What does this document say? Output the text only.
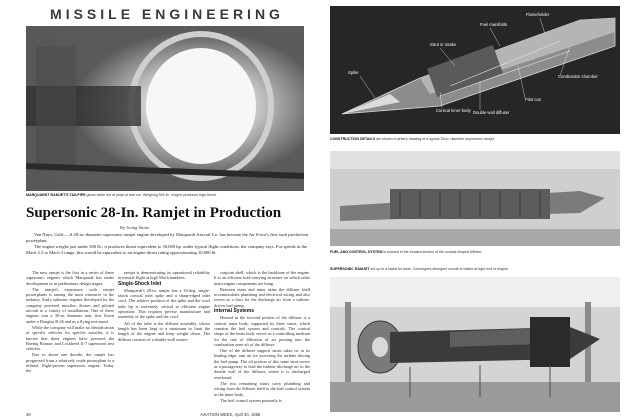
MISSILE ENGINEERING
MARQUARDT RAMJET'S TAILPIPE glows white hot at peak of test run. Weighing 500 lb., engine produces high thrust.
Supersonic 28-In. Ramjet in Production
By Irving Stone

Van Nuys, Calif.—A 28-in.-diameter supersonic ramjet engine developed by Marquardt Aircraft Co. has become the Air Force's first such production powerplant.

The engine weighs just under 500 lb.; it produces thrust equivalent to 50,000 hp. under typical flight conditions, the company says. For speeds in the Mach 2.5 to Mach 3 range, this would be equivalent to an engine thrust rating approximating 10,000 lb.

The new ramjet is the first in a series of these supersonic engines which Marquardt has under development or in preliminary design stages.

The ramjet's experience with ramjet powerplants is among the most extensive in the industry. Early subsonic engines developed by the company powered missiles, drones and piloted aircraft in a variety of installations. One of these engines was a 30-in. diameter unit, first flown under a Douglas B-26 and as a flying test-stand.

While the company will make no identification of specific vehicles for specific missiles, it is known that these engines have powered the Boeing Bomarc and Lockheed X-7 supersonic test vehicles.

Due to about one decade, the ramjet has progressed from a relatively crude powerplant to a refined, flight-proven supersonic engine. Today the

ramjet is demonstrating its operational reliability in missile flight at high Mach numbers.

Single-Shock Inlet

Marquardt's 28-in. ramjet has a 16-deg. single-shock conical inlet spike and a sharp-edged inlet cowl. The relative position of the spike and the cowl inlet lip is extremely critical to efficient engine operation. This requires precise manufacture and assembly of the spike and the cowl.

Aft of the inlet is the diffuser assembly, whose length has been kept to a minimum to limit the length of the engine and keep weight down. The diffuser consists of a double-wall assem-

conjoint shell, which is the backbone of the engine. It is an efficient load-carrying structure on which other main engine components are hung.

Between outer and inner skins the diffuser shell accommodates plumbing and electrical wiring and also serves as a duct for the discharge air from a turbine-driven fuel pump.

Internal Systems

Housed in the forward portion of the diffuser is a conical inner body, supported by three struts, which contains the fuel system and controls. The conical shape of the inner body serves as a controlling medium for the rate of diffusion of air passing into the combustion zone aft of the diffuser.

One of the diffuser support struts takes in, at its leading edge, ram air for powering the turbine driving the fuel pump. The aft portion of this same strut serves as a passageway to lead the turbine discharge air to the double wall of the diffuser, where it is discharged overboard.

The two remaining struts carry plumbing and wiring from the diffuser shell to the fuel control system in the inner body.

The fuel control system primarily is

48	AVIATION WEEK, April 30, 1956
Flameholder
Fuel manifolds
Strut or intake
Spike
Combustion chamber
Conical inner body Double wall diffuser
Pilot can
CONSTRUCTION DETAILS are shown in artist's drawing of a typical 28-in. diameter supersonic ramjet.
FUEL AND CONTROL SYSTEM is housed in the forward section of the conical shaped diffuser.
SUPERSONIC RAMJET set up in a stand for tests. Convergent-divergent nozzle is visible at right end of engine.
